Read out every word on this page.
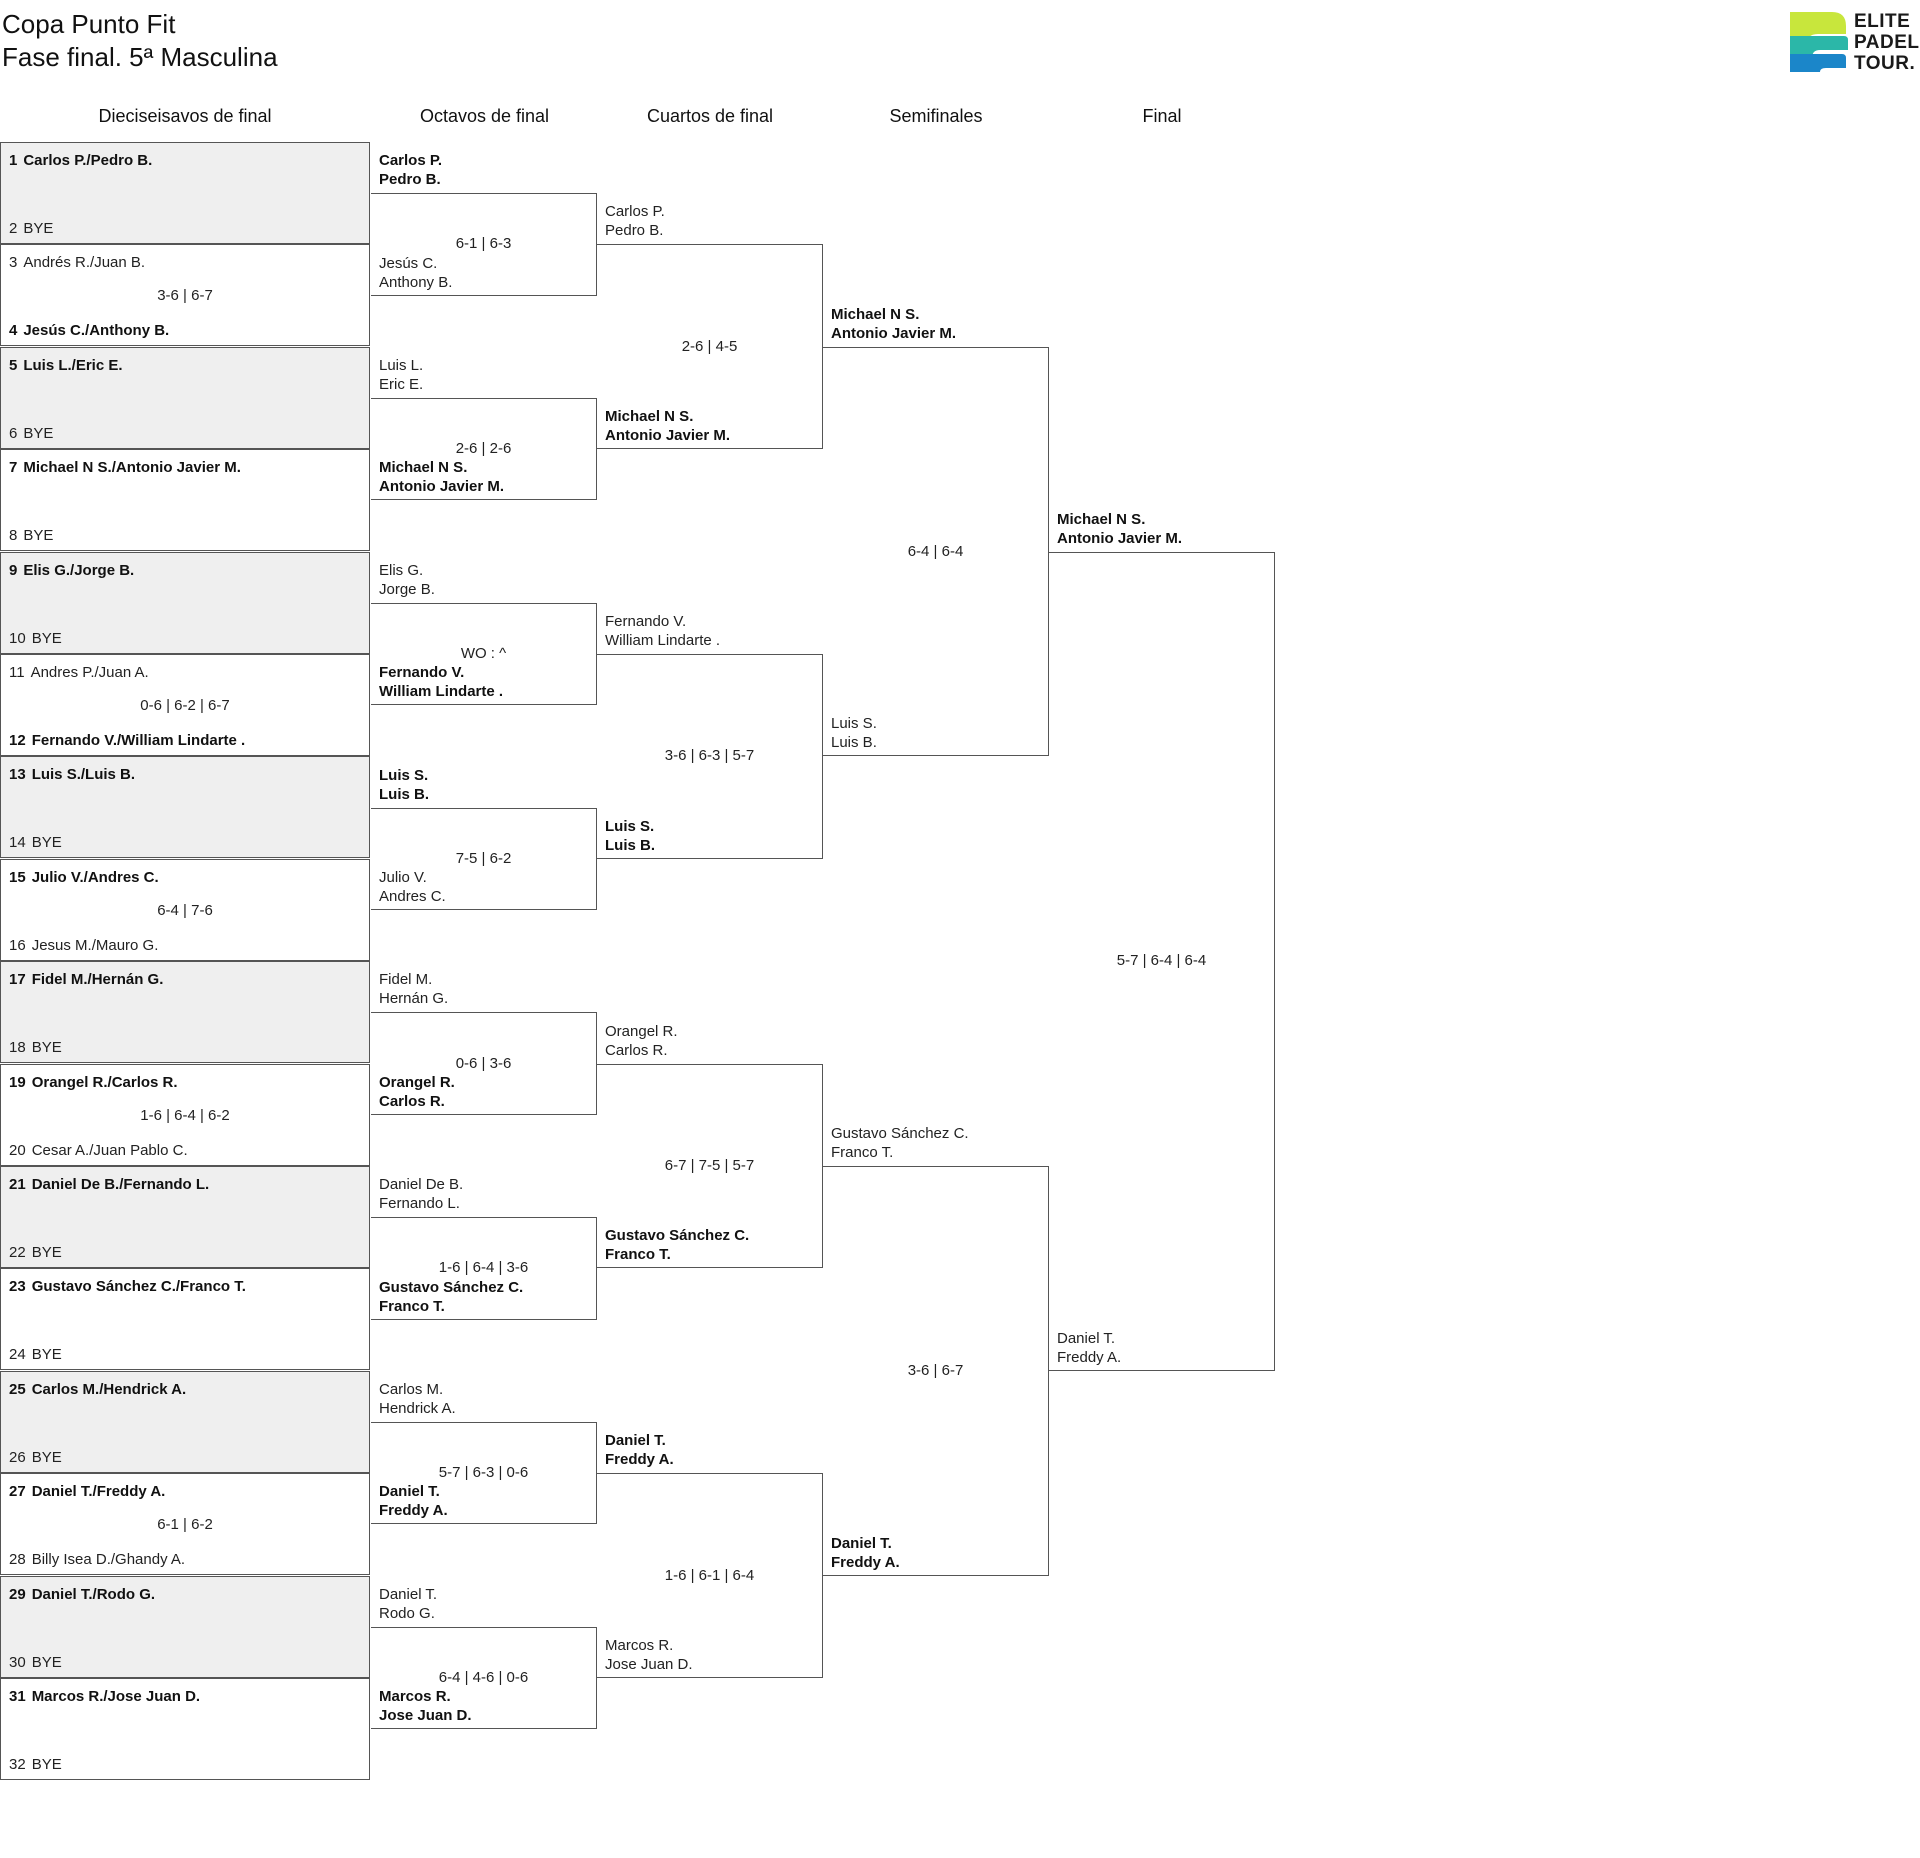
Copa Punto Fit
Fase final. 5ª Masculina
ELITE
PADEL
TOUR.
Dieciseisavos de final	Octavos de final	Cuartos de final	Semifinales	Final
1 Carlos P./Pedro B.
2 BYE
3 Andrés R./Juan B.
3-6 | 6-7
4 Jesús C./Anthony B.
5 Luis L./Eric E.
6 BYE
7 Michael N S./Antonio Javier M.
8 BYE
9 Elis G./Jorge B.
10 BYE
11 Andres P./Juan A.
0-6 | 6-2 | 6-7
12 Fernando V./William Lindarte .
13 Luis S./Luis B.
14 BYE
15 Julio V./Andres C.
6-4 | 7-6
16 Jesus M./Mauro G.
17 Fidel M./Hernán G.
18 BYE
19 Orangel R./Carlos R.
1-6 | 6-4 | 6-2
20 Cesar A./Juan Pablo C.
21 Daniel De B./Fernando L.
22 BYE
23 Gustavo Sánchez C./Franco T.
24 BYE
25 Carlos M./Hendrick A.
26 BYE
27 Daniel T./Freddy A.
6-1 | 6-2
28 Billy Isea D./Ghandy A.
29 Daniel T./Rodo G.
30 BYE
31 Marcos R./Jose Juan D.
32 BYE
6-1 | 6-3
Carlos P.
Pedro B.
Jesús C.
Anthony B.
2-6 | 2-6
Luis L.
Eric E.
Michael N S.
Antonio Javier M.
WO : ^
Elis G.
Jorge B.
Fernando V.
William Lindarte .
7-5 | 6-2
Luis S.
Luis B.
Julio V.
Andres C.
0-6 | 3-6
Fidel M.
Hernán G.
Orangel R.
Carlos R.
1-6 | 6-4 | 3-6
Daniel De B.
Fernando L.
Gustavo Sánchez C.
Franco T.
5-7 | 6-3 | 0-6
Carlos M.
Hendrick A.
Daniel T.
Freddy A.
6-4 | 4-6 | 0-6
Daniel T.
Rodo G.
Marcos R.
Jose Juan D.
2-6 | 4-5
Carlos P.
Pedro B.
Michael N S.
Antonio Javier M.
3-6 | 6-3 | 5-7
Fernando V.
William Lindarte .
Luis S.
Luis B.
6-7 | 7-5 | 5-7
Orangel R.
Carlos R.
Gustavo Sánchez C.
Franco T.
1-6 | 6-1 | 6-4
Daniel T.
Freddy A.
Marcos R.
Jose Juan D.
6-4 | 6-4
Michael N S.
Antonio Javier M.
Luis S.
Luis B.
3-6 | 6-7
Gustavo Sánchez C.
Franco T.
Daniel T.
Freddy A.
5-7 | 6-4 | 6-4
Michael N S.
Antonio Javier M.
Daniel T.
Freddy A.
